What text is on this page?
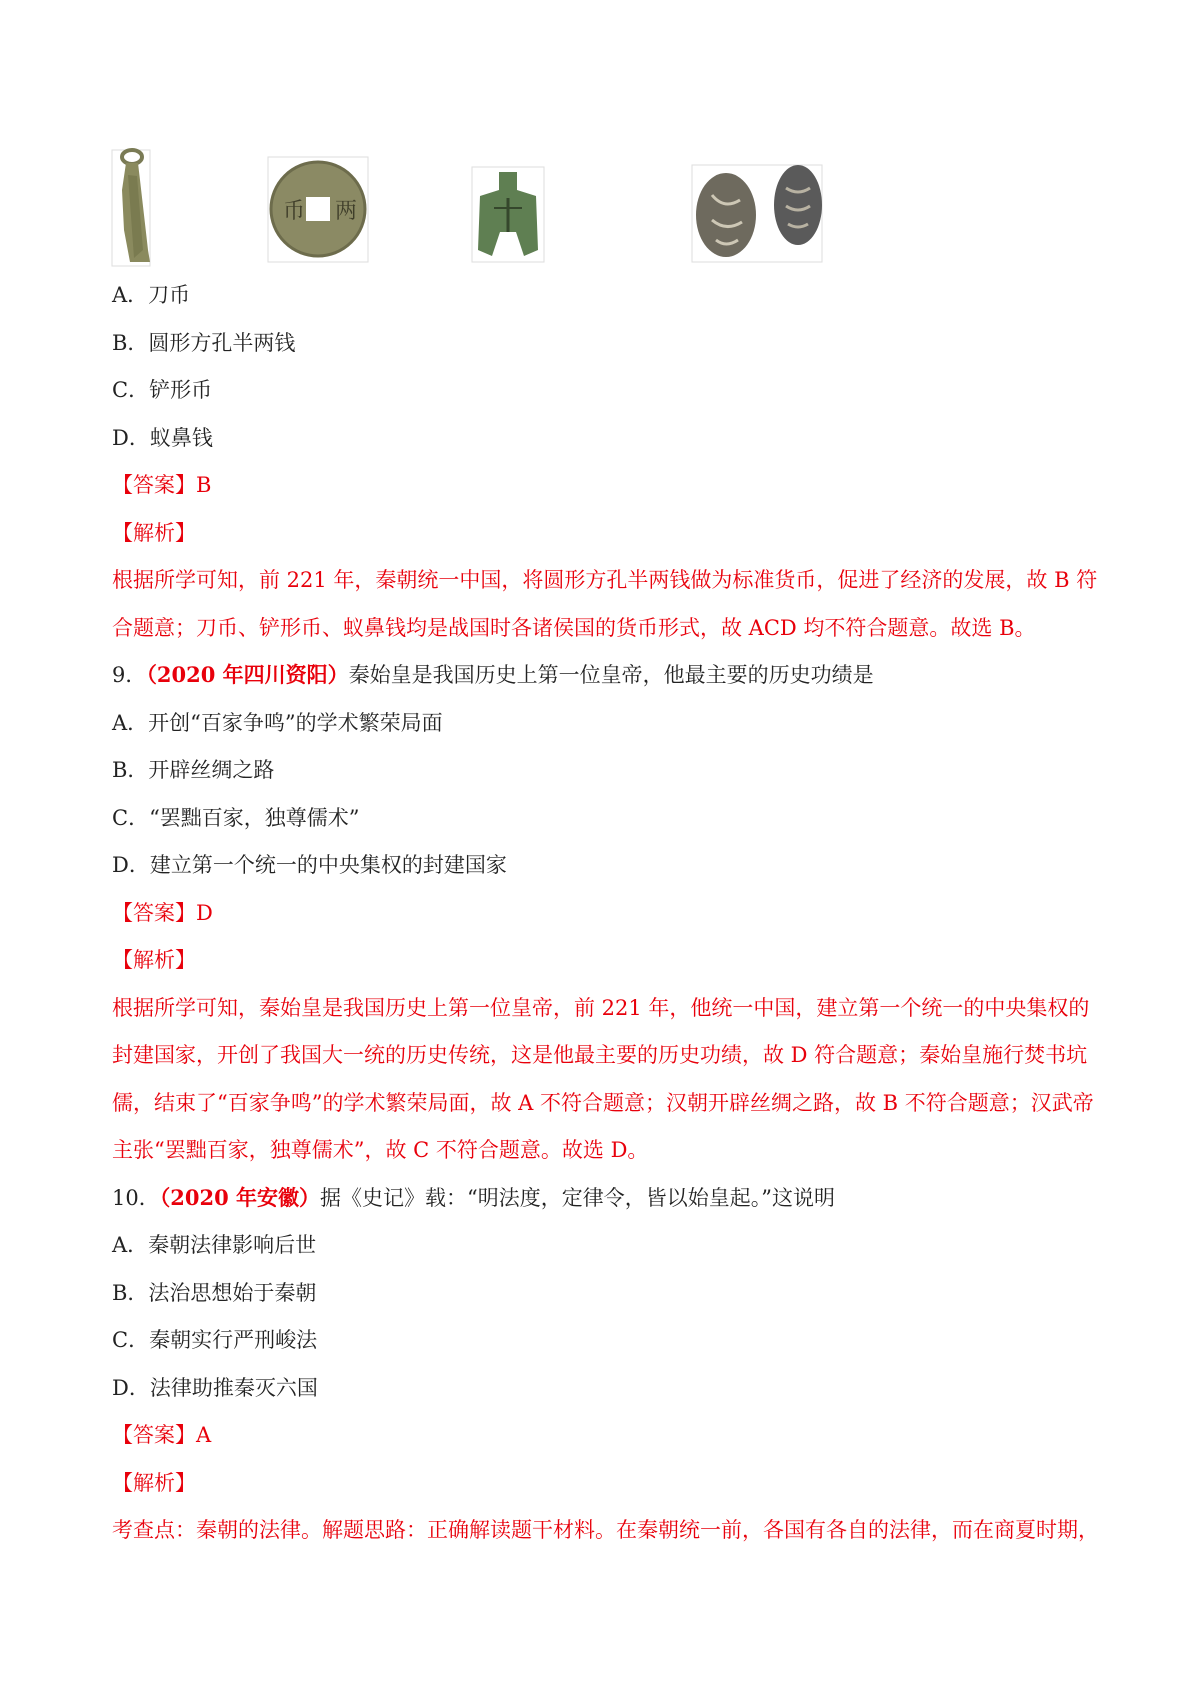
币 两
A．刀币
B．圆形方孔半两钱
C．铲形币
D．蚁鼻钱
【答案】B
【解析】
根据所学可知，前 221 年，秦朝统一中国，将圆形方孔半两钱做为标准货币，促进了经济的发展，故 B 符
合题意；刀币、铲形币、蚁鼻钱均是战国时各诸侯国的货币形式，故 ACD 均不符合题意。故选 B。
9．（2020 年四川资阳）秦始皇是我国历史上第一位皇帝，他最主要的历史功绩是
A．开创“百家争鸣”的学术繁荣局面
B．开辟丝绸之路
C．“罢黜百家，独尊儒术”
D．建立第一个统一的中央集权的封建国家
【答案】D
【解析】
根据所学可知，秦始皇是我国历史上第一位皇帝，前 221 年，他统一中国，建立第一个统一的中央集权的
封建国家，开创了我国大一统的历史传统，这是他最主要的历史功绩，故 D 符合题意；秦始皇施行焚书坑
儒，结束了“百家争鸣”的学术繁荣局面，故 A 不符合题意；汉朝开辟丝绸之路，故 B 不符合题意；汉武帝
主张“罢黜百家，独尊儒术”，故 C 不符合题意。故选 D。
10．（2020 年安徽）据《史记》载：“明法度，定律令，皆以始皇起。”这说明
A．秦朝法律影响后世
B．法治思想始于秦朝
C．秦朝实行严刑峻法
D．法律助推秦灭六国
【答案】A
【解析】
考查点：秦朝的法律。解题思路：正确解读题干材料。在秦朝统一前，各国有各自的法律，而在商夏时期，
